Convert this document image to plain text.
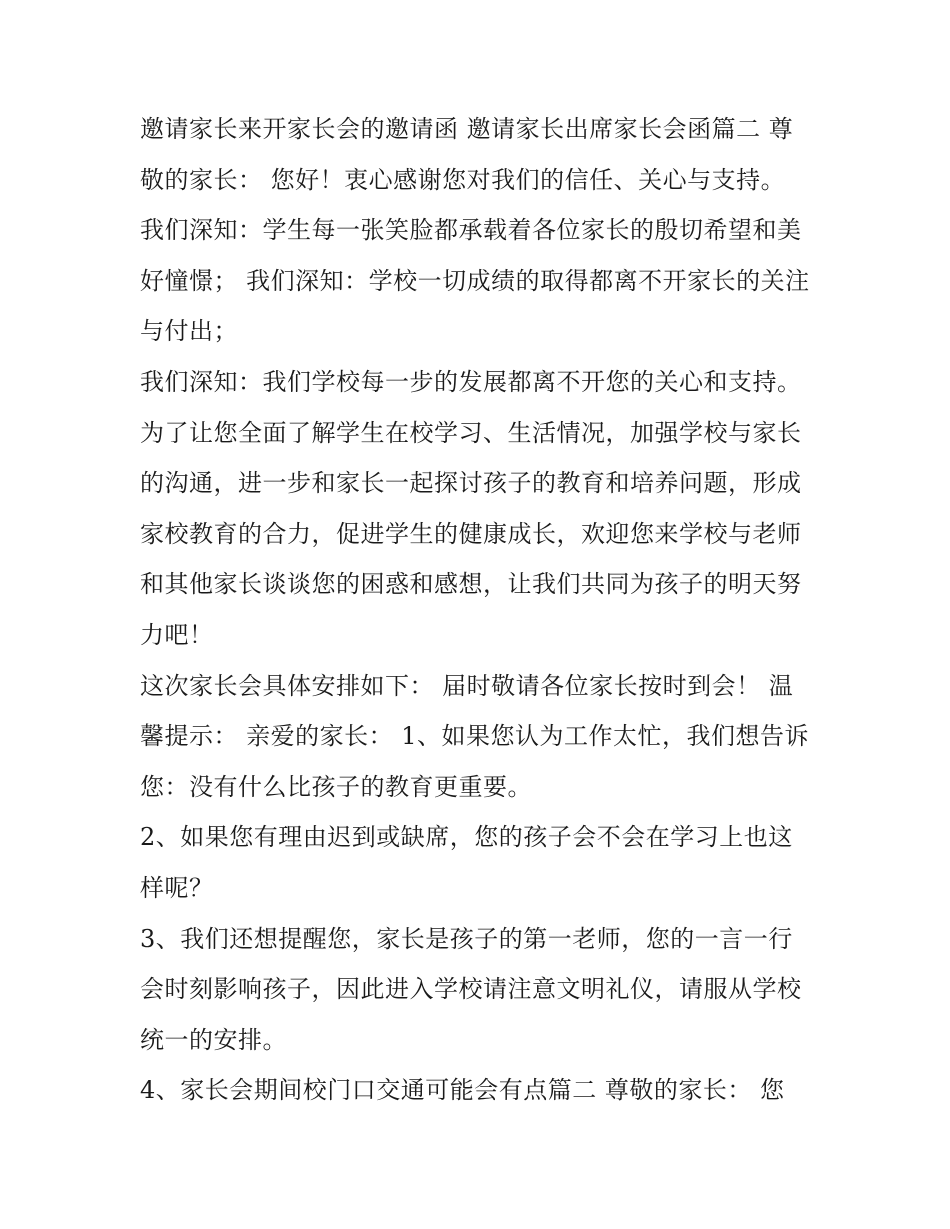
邀请家长来开家长会的邀请函 邀请家长出席家长会函篇二 尊敬的家长： 您好！衷心感谢您对我们的信任、关心与支持。

我们深知：学生每一张笑脸都承载着各位家长的殷切希望和美好憧憬； 我们深知：学校一切成绩的取得都离不开家长的关注与付出；

我们深知：我们学校每一步的发展都离不开您的关心和支持。

为了让您全面了解学生在校学习、生活情况，加强学校与家长的沟通，进一步和家长一起探讨孩子的教育和培养问题，形成家校教育的合力，促进学生的健康成长，欢迎您来学校与老师和其他家长谈谈您的困惑和感想，让我们共同为孩子的明天努力吧！

这次家长会具体安排如下： 届时敬请各位家长按时到会！ 温馨提示： 亲爱的家长： 1、如果您认为工作太忙，我们想告诉您：没有什么比孩子的教育更重要。

2、如果您有理由迟到或缺席，您的孩子会不会在学习上也这样呢？

3、我们还想提醒您，家长是孩子的第一老师，您的一言一行会时刻影响孩子，因此进入学校请注意文明礼仪，请服从学校统一的安排。

4、家长会期间校门口交通可能会有点篇二 尊敬的家长： 您
